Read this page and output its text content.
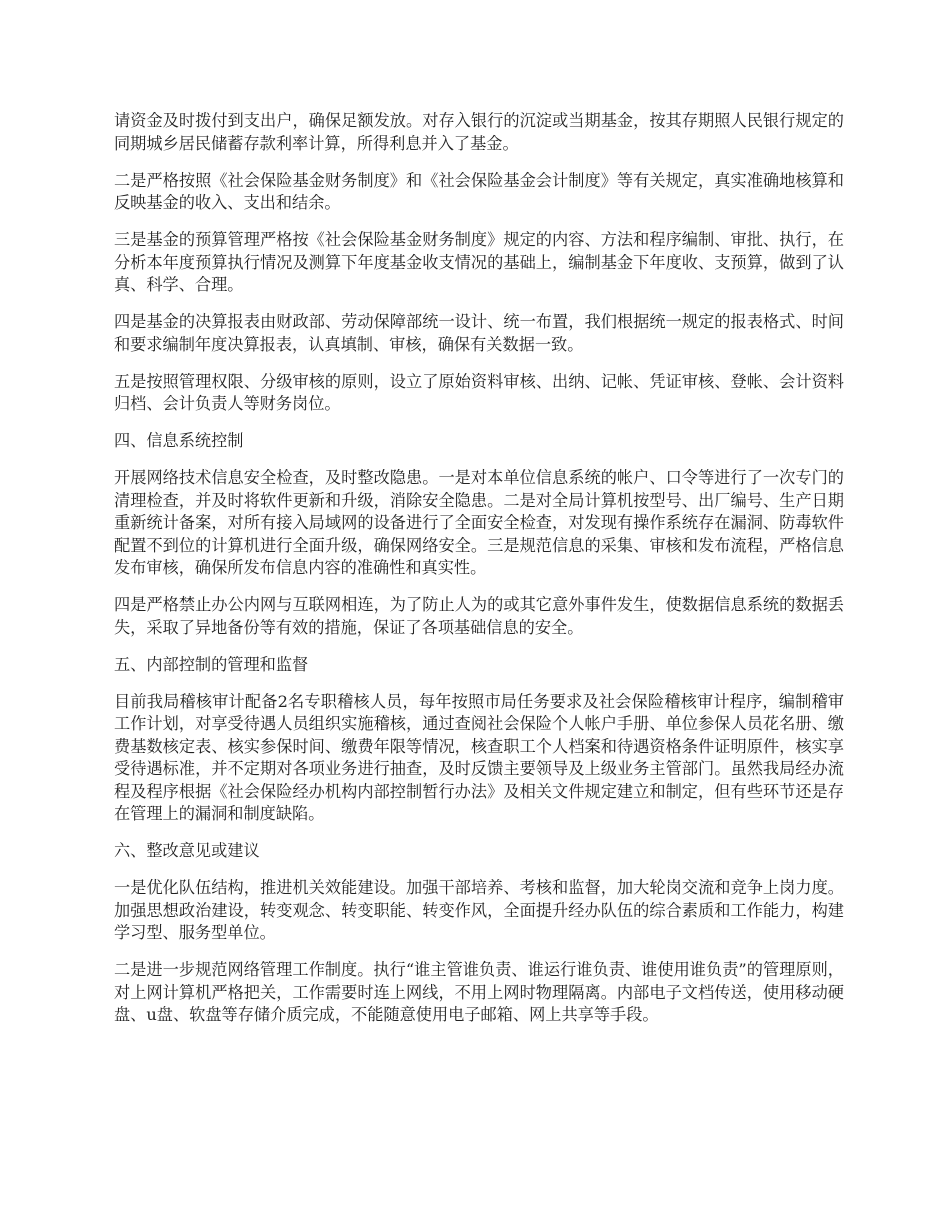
请资金及时拨付到支出户，确保足额发放。对存入银行的沉淀或当期基金，按其存期照人民银行规定的同期城乡居民储蓄存款利率计算，所得利息并入了基金。

二是严格按照《社会保险基金财务制度》和《社会保险基金会计制度》等有关规定，真实准确地核算和反映基金的收入、支出和结余。

三是基金的预算管理严格按《社会保险基金财务制度》规定的内容、方法和程序编制、审批、执行，在分析本年度预算执行情况及测算下年度基金收支情况的基础上，编制基金下年度收、支预算，做到了认真、科学、合理。

四是基金的决算报表由财政部、劳动保障部统一设计、统一布置，我们根据统一规定的报表格式、时间和要求编制年度决算报表，认真填制、审核，确保有关数据一致。

五是按照管理权限、分级审核的原则，设立了原始资料审核、出纳、记帐、凭证审核、登帐、会计资料归档、会计负责人等财务岗位。

四、信息系统控制

开展网络技术信息安全检查，及时整改隐患。一是对本单位信息系统的帐户、口令等进行了一次专门的清理检查，并及时将软件更新和升级，消除安全隐患。二是对全局计算机按型号、出厂编号、生产日期重新统计备案，对所有接入局域网的设备进行了全面安全检查，对发现有操作系统存在漏洞、防毒软件配置不到位的计算机进行全面升级，确保网络安全。三是规范信息的采集、审核和发布流程，严格信息发布审核，确保所发布信息内容的准确性和真实性。

四是严格禁止办公内网与互联网相连，为了防止人为的或其它意外事件发生，使数据信息系统的数据丢失，采取了异地备份等有效的措施，保证了各项基础信息的安全。

五、内部控制的管理和监督

目前我局稽核审计配备2名专职稽核人员，每年按照市局任务要求及社会保险稽核审计程序，编制稽审工作计划，对享受待遇人员组织实施稽核，通过查阅社会保险个人帐户手册、单位参保人员花名册、缴费基数核定表、核实参保时间、缴费年限等情况，核查职工个人档案和待遇资格条件证明原件，核实享受待遇标准，并不定期对各项业务进行抽查，及时反馈主要领导及上级业务主管部门。虽然我局经办流程及程序根据《社会保险经办机构内部控制暂行办法》及相关文件规定建立和制定，但有些环节还是存在管理上的漏洞和制度缺陷。

六、整改意见或建议

一是优化队伍结构，推进机关效能建设。加强干部培养、考核和监督，加大轮岗交流和竞争上岗力度。加强思想政治建设，转变观念、转变职能、转变作风，全面提升经办队伍的综合素质和工作能力，构建学习型、服务型单位。

二是进一步规范网络管理工作制度。执行“谁主管谁负责、谁运行谁负责、谁使用谁负责”的管理原则，对上网计算机严格把关，工作需要时连上网线，不用上网时物理隔离。内部电子文档传送，使用移动硬盘、u盘、软盘等存储介质完成，不能随意使用电子邮箱、网上共享等手段。
